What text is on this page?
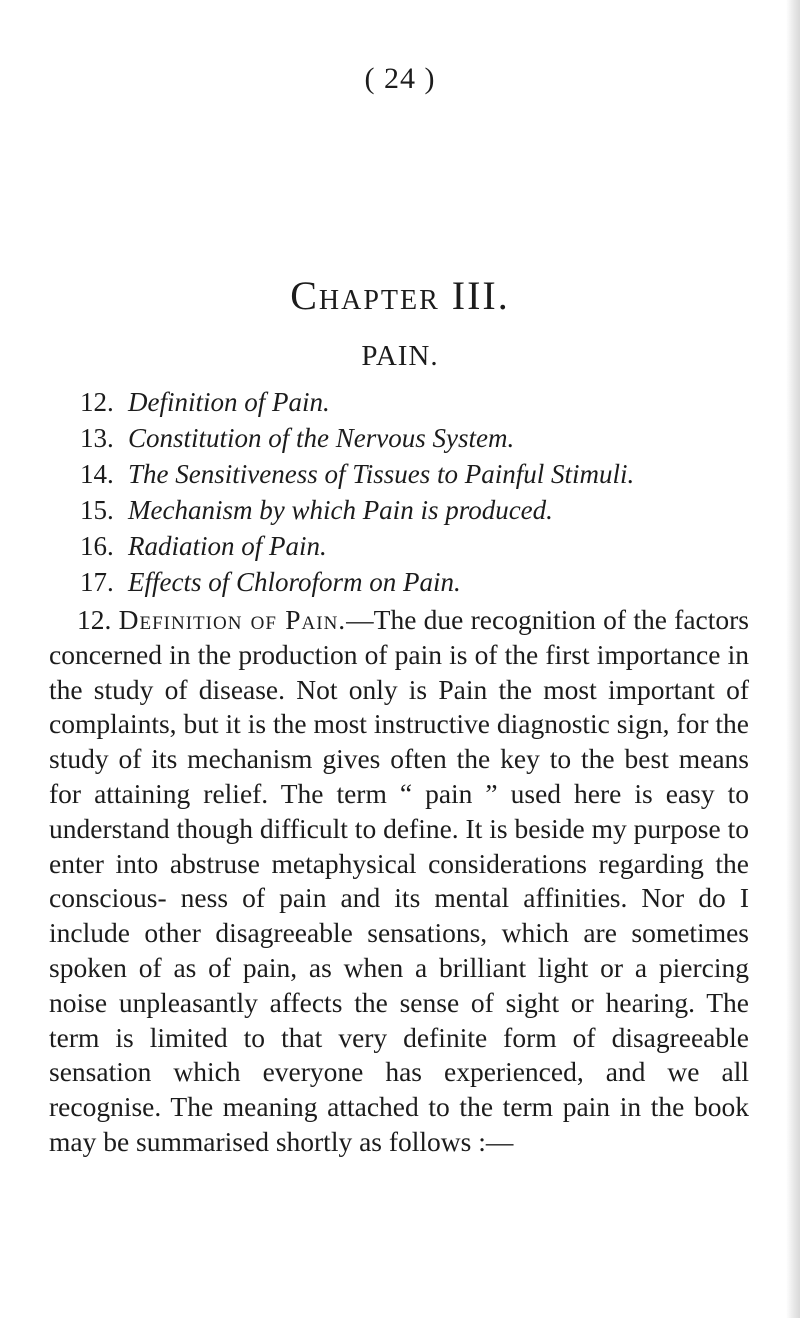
( 24 )

Chapter III.
PAIN.
12. Definition of Pain.
13. Constitution of the Nervous System.
14. The Sensitiveness of Tissues to Painful Stimuli.
15. Mechanism by which Pain is produced.
16. Radiation of Pain.
17. Effects of Chloroform on Pain.

12. Definition of Pain.—The due recognition of the factors concerned in the production of pain is of the first importance in the study of disease. Not only is Pain the most important of complaints, but it is the most instructive diagnostic sign, for the study of its mechanism gives often the key to the best means for attaining relief. The term “ pain ” used here is easy to understand though difficult to define. It is beside my purpose to enter into abstruse metaphysical considerations regarding the conscious- ness of pain and its mental affinities. Nor do I include other disagreeable sensations, which are sometimes spoken of as of pain, as when a brilliant light or a piercing noise unpleasantly affects the sense of sight or hearing. The term is limited to that very definite form of disagreeable sensation which everyone has experienced, and we all recognise. The meaning attached to the term pain in the book may be summarised shortly as follows :—
